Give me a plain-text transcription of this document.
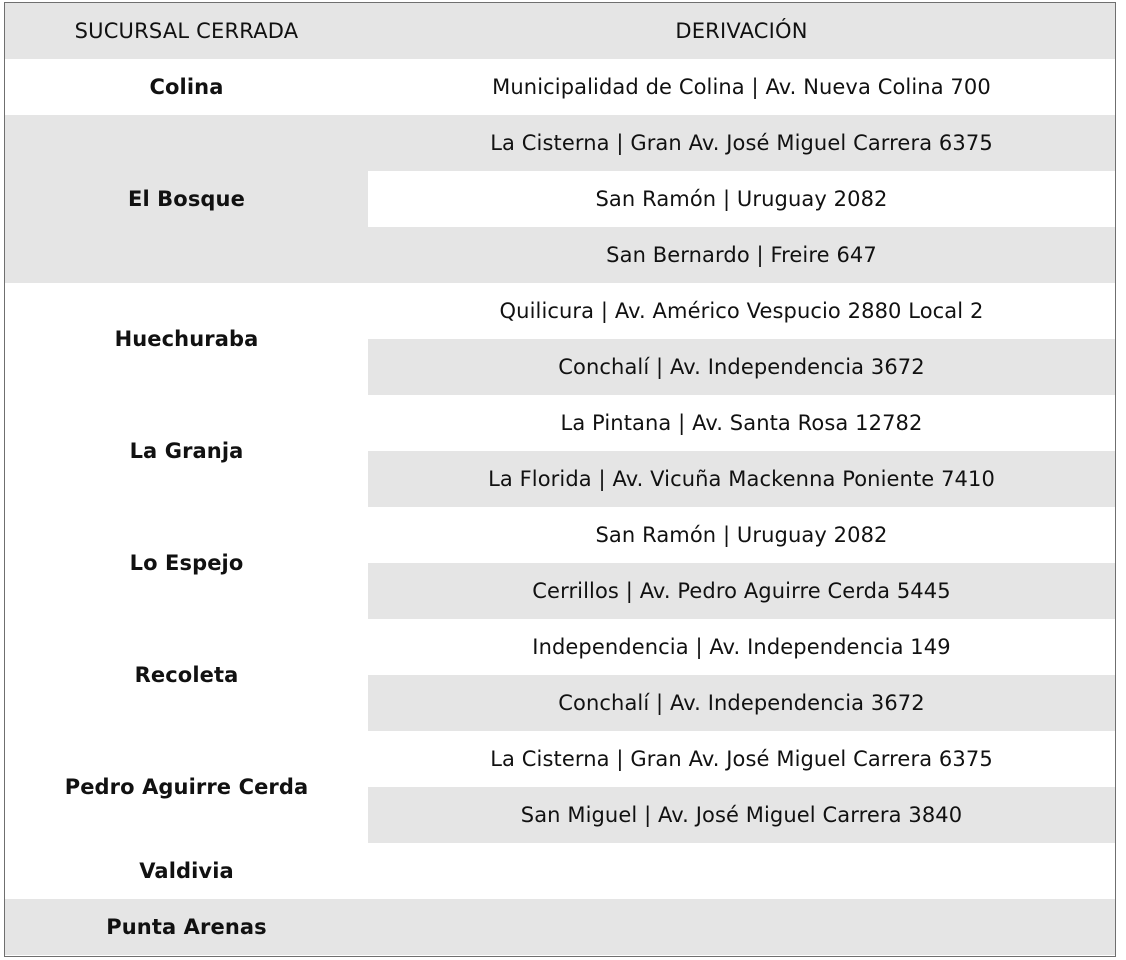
SUCURSAL CERRADA	DERIVACIÓN
Colina
El Bosque
Huechuraba
La Granja
Lo Espejo
Recoleta
Pedro Aguirre Cerda
Valdivia
Punta Arenas
Municipalidad de Colina | Av. Nueva Colina 700
La Cisterna | Gran Av. José Miguel Carrera 6375
San Ramón | Uruguay 2082
San Bernardo | Freire 647
Quilicura | Av. Américo Vespucio 2880 Local 2
Conchalí | Av. Independencia 3672
La Pintana | Av. Santa Rosa 12782
La Florida | Av. Vicuña Mackenna Poniente 7410
San Ramón | Uruguay 2082
Cerrillos | Av. Pedro Aguirre Cerda 5445
Independencia | Av. Independencia 149
Conchalí | Av. Independencia 3672
La Cisterna | Gran Av. José Miguel Carrera 6375
San Miguel | Av. José Miguel Carrera 3840
